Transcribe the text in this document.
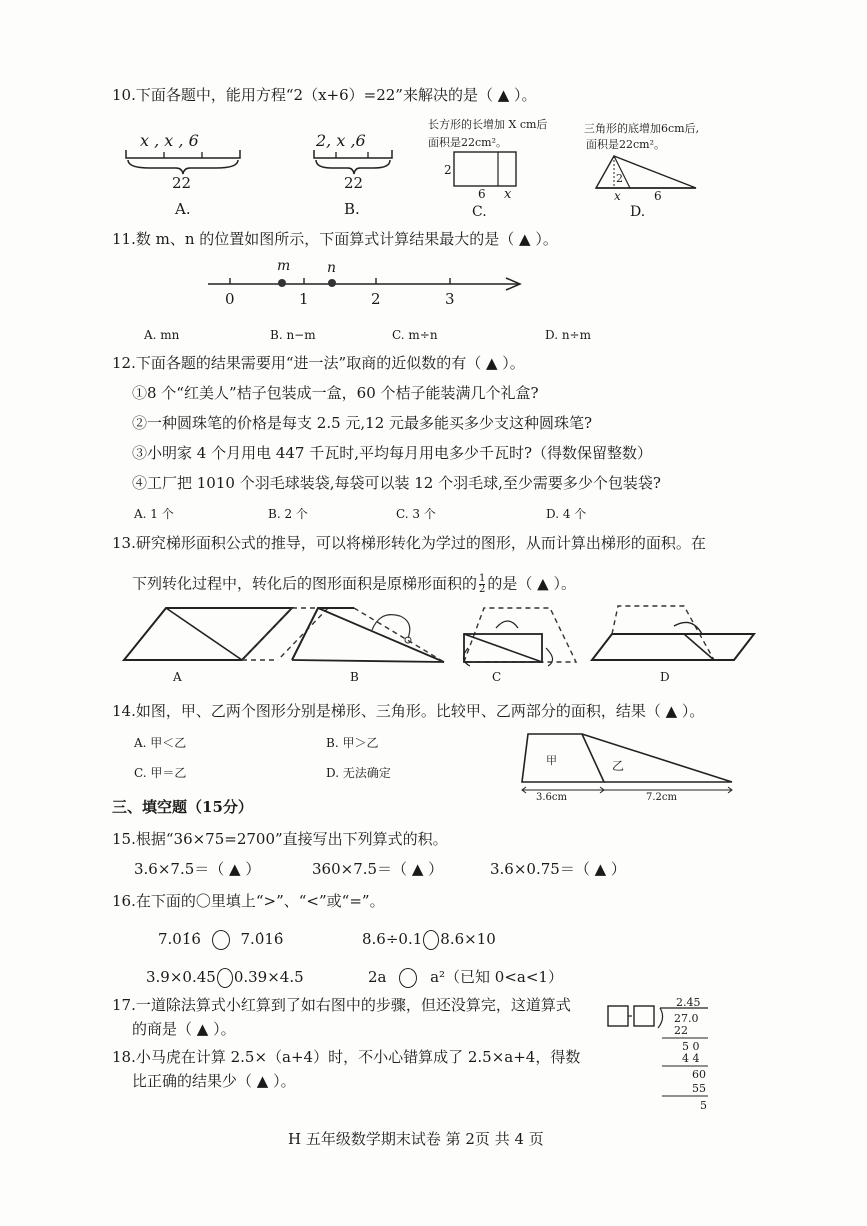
10.下面各题中，能用方程“2（x+6）=22”来解决的是（ ▲ ）。
x , x , 6
22
A.
2, x ,6
22
B.
长方形的长增加 X cm后
面积是22cm²。
2
6 x
C.
三角形的底增加6cm后,
面积是22cm²。
2
x	6
D.
11.数 m、n 的位置如图所示，下面算式计算结果最大的是（ ▲ ）。
m	n
0	1	2	3
A. mn	B. n−m	C. m÷n	D. n÷m
12.下面各题的结果需要用“进一法”取商的近似数的有（ ▲ ）。
①8 个“红美人”桔子包装成一盒，60 个桔子能装满几个礼盒?
②一种圆珠笔的价格是每支 2.5 元,12 元最多能买多少支这种圆珠笔?
③小明家 4 个月用电 447 千瓦时,平均每月用电多少千瓦时?（得数保留整数）
④工厂把 1010 个羽毛球装袋,每袋可以装 12 个羽毛球,至少需要多少个包装袋?
A. 1 个	B. 2 个	C. 3 个	D. 4 个
13.研究梯形面积公式的推导，可以将梯形转化为学过的图形，从而计算出梯形的面积。在
下列转化过程中，转化后的图形面积是原梯形面积的 $\frac{1}{2}$ 的是（ ▲ ）。
A	B	C	D
14.如图，甲、乙两个图形分别是梯形、三角形。比较甲、乙两部分的面积，结果（ ▲ ）。
A. 甲＜乙	B. 甲＞乙
C. 甲＝乙	D. 无法确定
甲	乙
3.6cm	7.2cm
三、填空题（15分）
15.根据“36×75=2700”直接写出下列算式的积。
3.6×7.5＝（ ▲ ）	360×7.5＝（ ▲ ）	3.6×0.75＝（ ▲ ）
16.在下面的〇里填上“>”、“<”或“=”。
7.01̇6̇	7.0̇16̇	8.6÷0.1 8.6×10
3.9×0.45 0.39×4.5	2a	a²（已知 0<a<1）
17.一道除法算式小红算到了如右图中的步骤，但还没算完，这道算式
的商是（ ▲ ）。
2.45
27.0
22
5 0
4 4
60
55
5
18.小马虎在计算 2.5×（a+4）时，不小心错算成了 2.5×a+4，得数
比正确的结果少（ ▲ ）。
H 五年级数学期末试卷 第 2页 共 4 页
